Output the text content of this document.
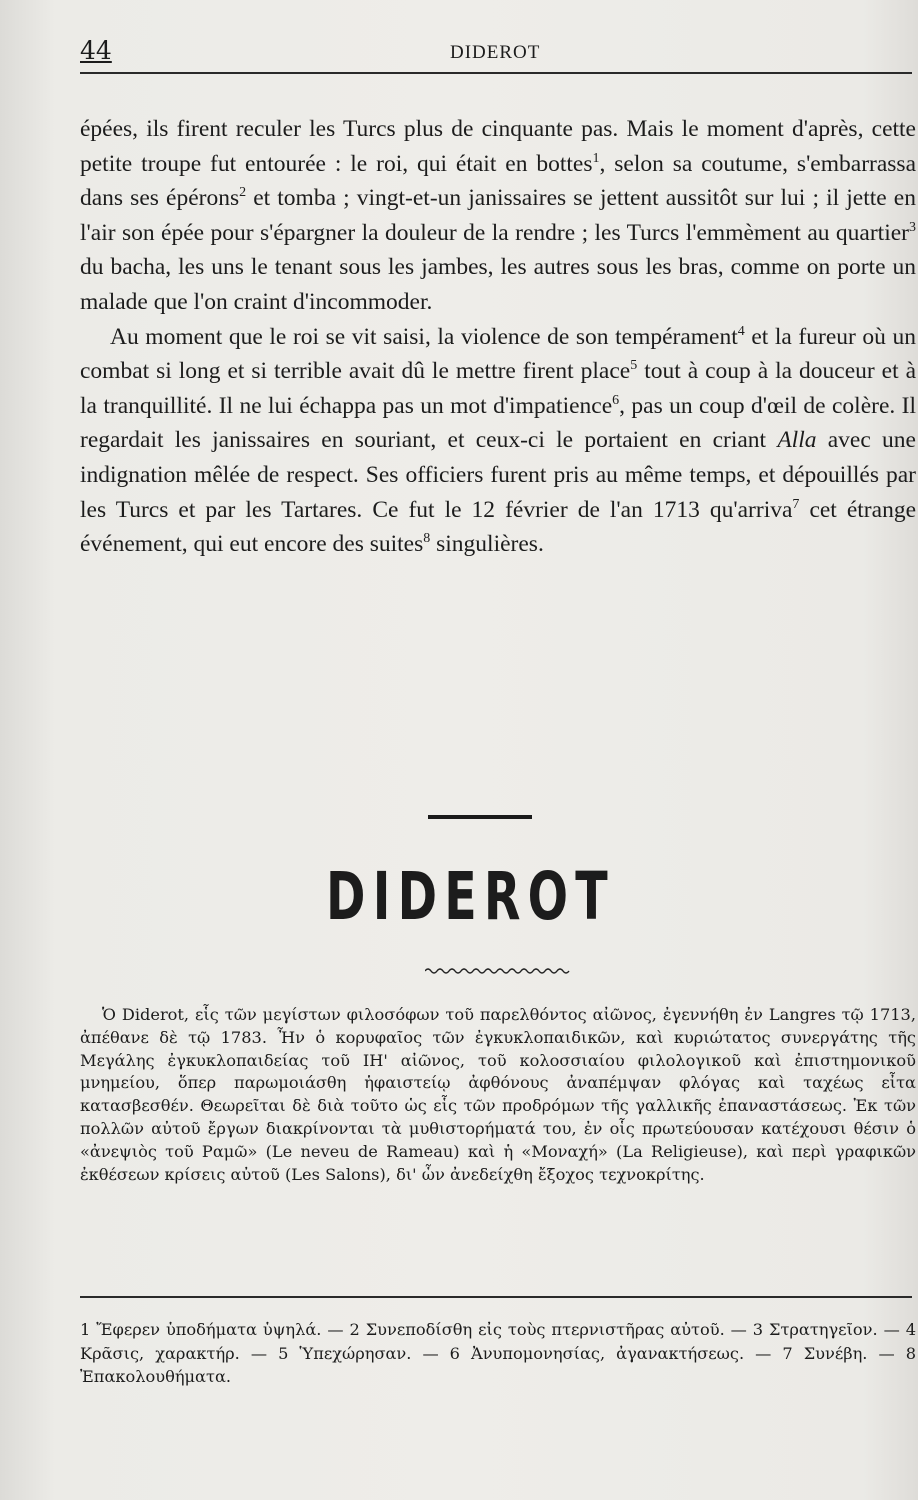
44	DIDEROT

épées, ils firent reculer les Turcs plus de cinquante pas. Mais le moment d'après, cette petite troupe fut entourée : le roi, qui était en bottes$^1$, selon sa coutume, s'embarrassa dans ses épérons$^2$ et tomba ; vingt-et-un janissaires se jettent aussitôt sur lui ; il jette en l'air son épée pour s'épargner la douleur de la rendre ; les Turcs l'emmèment au quartier$^3$ du bacha, les uns le tenant sous les jambes, les autres sous les bras, comme on porte un malade que l'on craint d'incommoder.

Au moment que le roi se vit saisi, la violence de son tempérament$^4$ et la fureur où un combat si long et si terrible avait dû le mettre firent place$^5$ tout à coup à la douceur et à la tranquillité. Il ne lui échappa pas un mot d'impatience$^6$, pas un coup d'œil de colère. Il regardait les janissaires en souriant, et ceux-ci le portaient en criant Alla avec une indignation mêlée de respect. Ses officiers furent pris au même temps, et dépouillés par les Turcs et par les Tartares. Ce fut le 12 février de l'an 1713 qu'arriva$^7$ cet étrange événement, qui eut encore des suites$^8$ singulières.

DIDEROT

Ὁ Diderot, εἷς τῶν μεγίστων φιλοσόφων τοῦ παρελθόντος αἰῶνος, ἐγεννήθη ἐν Langres τῷ 1713, ἀπέθανε δὲ τῷ 1783. Ἦν ὁ κορυφαῖος τῶν ἐγκυκλοπαιδικῶν, καὶ κυριώτατος συνεργάτης τῆς Μεγάλης ἐγκυκλοπαιδείας τοῦ ΙΗ' αἰῶνος, τοῦ κολοσσιαίου φιλολογικοῦ καὶ ἐπιστημονικοῦ μνημείου, ὅπερ παρωμοιάσθη ἡφαιστείῳ ἀφθόνους ἀναπέμψαν φλόγας καὶ ταχέως εἶτα κατασβεσθέν. Θεωρεῖται δὲ διὰ τοῦτο ὡς εἷς τῶν προδρόμων τῆς γαλλικῆς ἐπαναστάσεως. Ἐκ τῶν πολλῶν αὐτοῦ ἔργων διακρίνονται τὰ μυθιστορήματά του, ἐν οἷς πρωτεύουσαν κατέχουσι θέσιν ὁ «ἀνεψιὸς τοῦ Ραμῶ» (Le neveu de Rameau) καὶ ἡ «Μοναχή» (La Religieuse), καὶ περὶ γραφικῶν ἐκθέσεων κρίσεις αὐτοῦ (Les Salons), δι' ὧν ἀνεδείχθη ἔξοχος τεχνοκρίτης.

1 Ἔφερεν ὑποδήματα ὑψηλά. — 2 Συνεποδίσθη εἰς τοὺς πτερνιστῆρας αὐτοῦ. — 3 Στρατηγεῖον. — 4 Κρᾶσις, χαρακτήρ. — 5 Ὑπεχώρησαν. — 6 Ἀνυπομονησίας, ἀγανακτήσεως. — 7 Συνέβη. — 8 Ἐπακολουθήματα.
